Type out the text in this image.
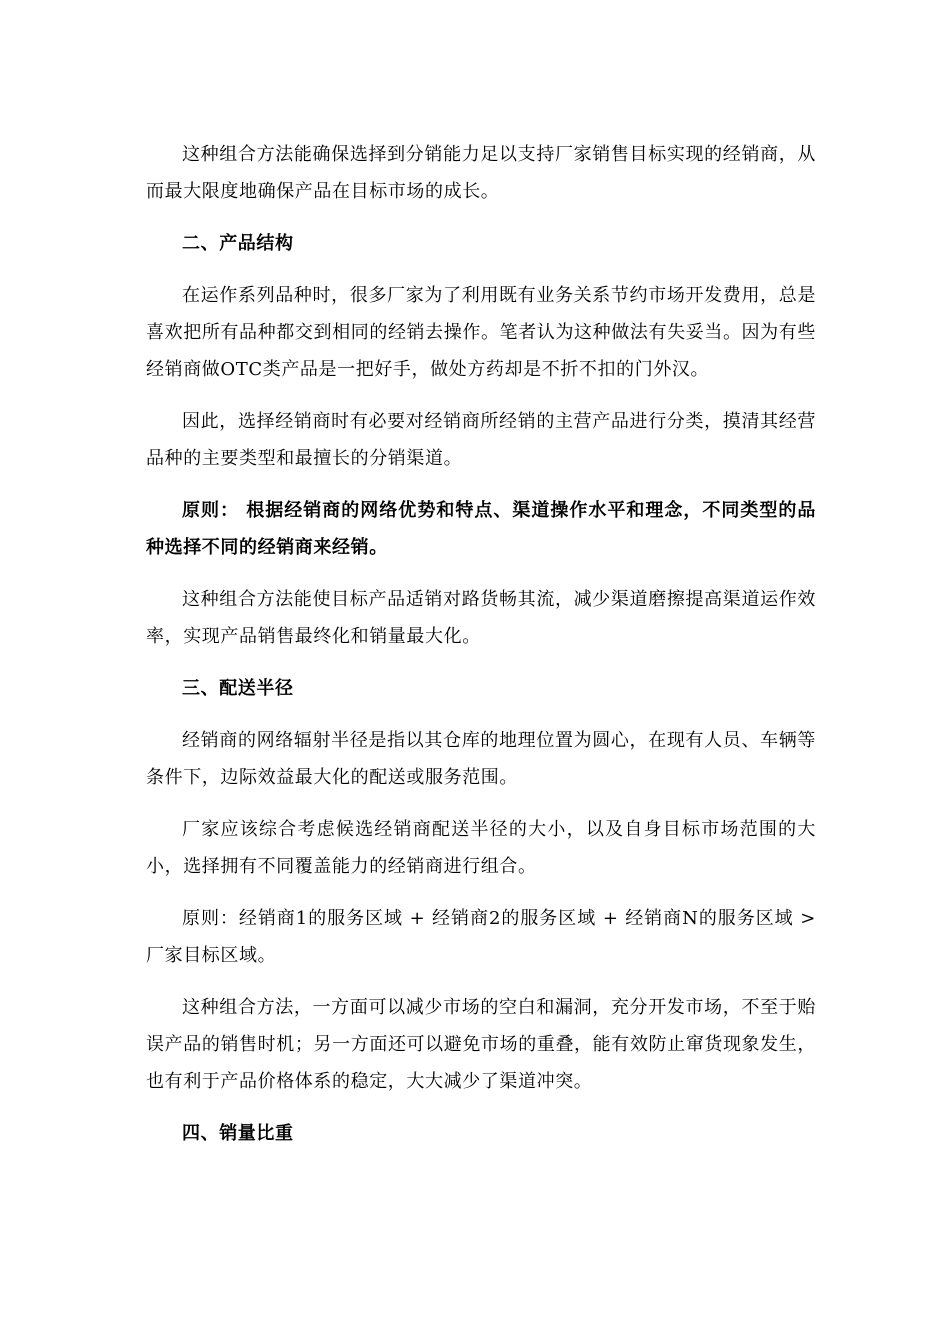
这种组合方法能确保选择到分销能力足以支持厂家销售目标实现的经销商，从而最大限度地确保产品在目标市场的成长。

二、产品结构

在运作系列品种时，很多厂家为了利用既有业务关系节约市场开发费用，总是喜欢把所有品种都交到相同的经销去操作。笔者认为这种做法有失妥当。因为有些经销商做OTC类产品是一把好手，做处方药却是不折不扣的门外汉。

因此，选择经销商时有必要对经销商所经销的主营产品进行分类，摸清其经营品种的主要类型和最擅长的分销渠道。

原则： 根据经销商的网络优势和特点、渠道操作水平和理念，不同类型的品种选择不同的经销商来经销。

这种组合方法能使目标产品适销对路货畅其流，减少渠道磨擦提高渠道运作效率，实现产品销售最终化和销量最大化。

三、配送半径

经销商的网络辐射半径是指以其仓库的地理位置为圆心，在现有人员、车辆等条件下，边际效益最大化的配送或服务范围。

厂家应该综合考虑候选经销商配送半径的大小，以及自身目标市场范围的大小，选择拥有不同覆盖能力的经销商进行组合。

原则：经销商1的服务区域 + 经销商2的服务区域 + 经销商N的服务区域 > 厂家目标区域。

这种组合方法，一方面可以减少市场的空白和漏洞，充分开发市场，不至于贻误产品的销售时机；另一方面还可以避免市场的重叠，能有效防止窜货现象发生，也有利于产品价格体系的稳定，大大减少了渠道冲突。

四、销量比重
